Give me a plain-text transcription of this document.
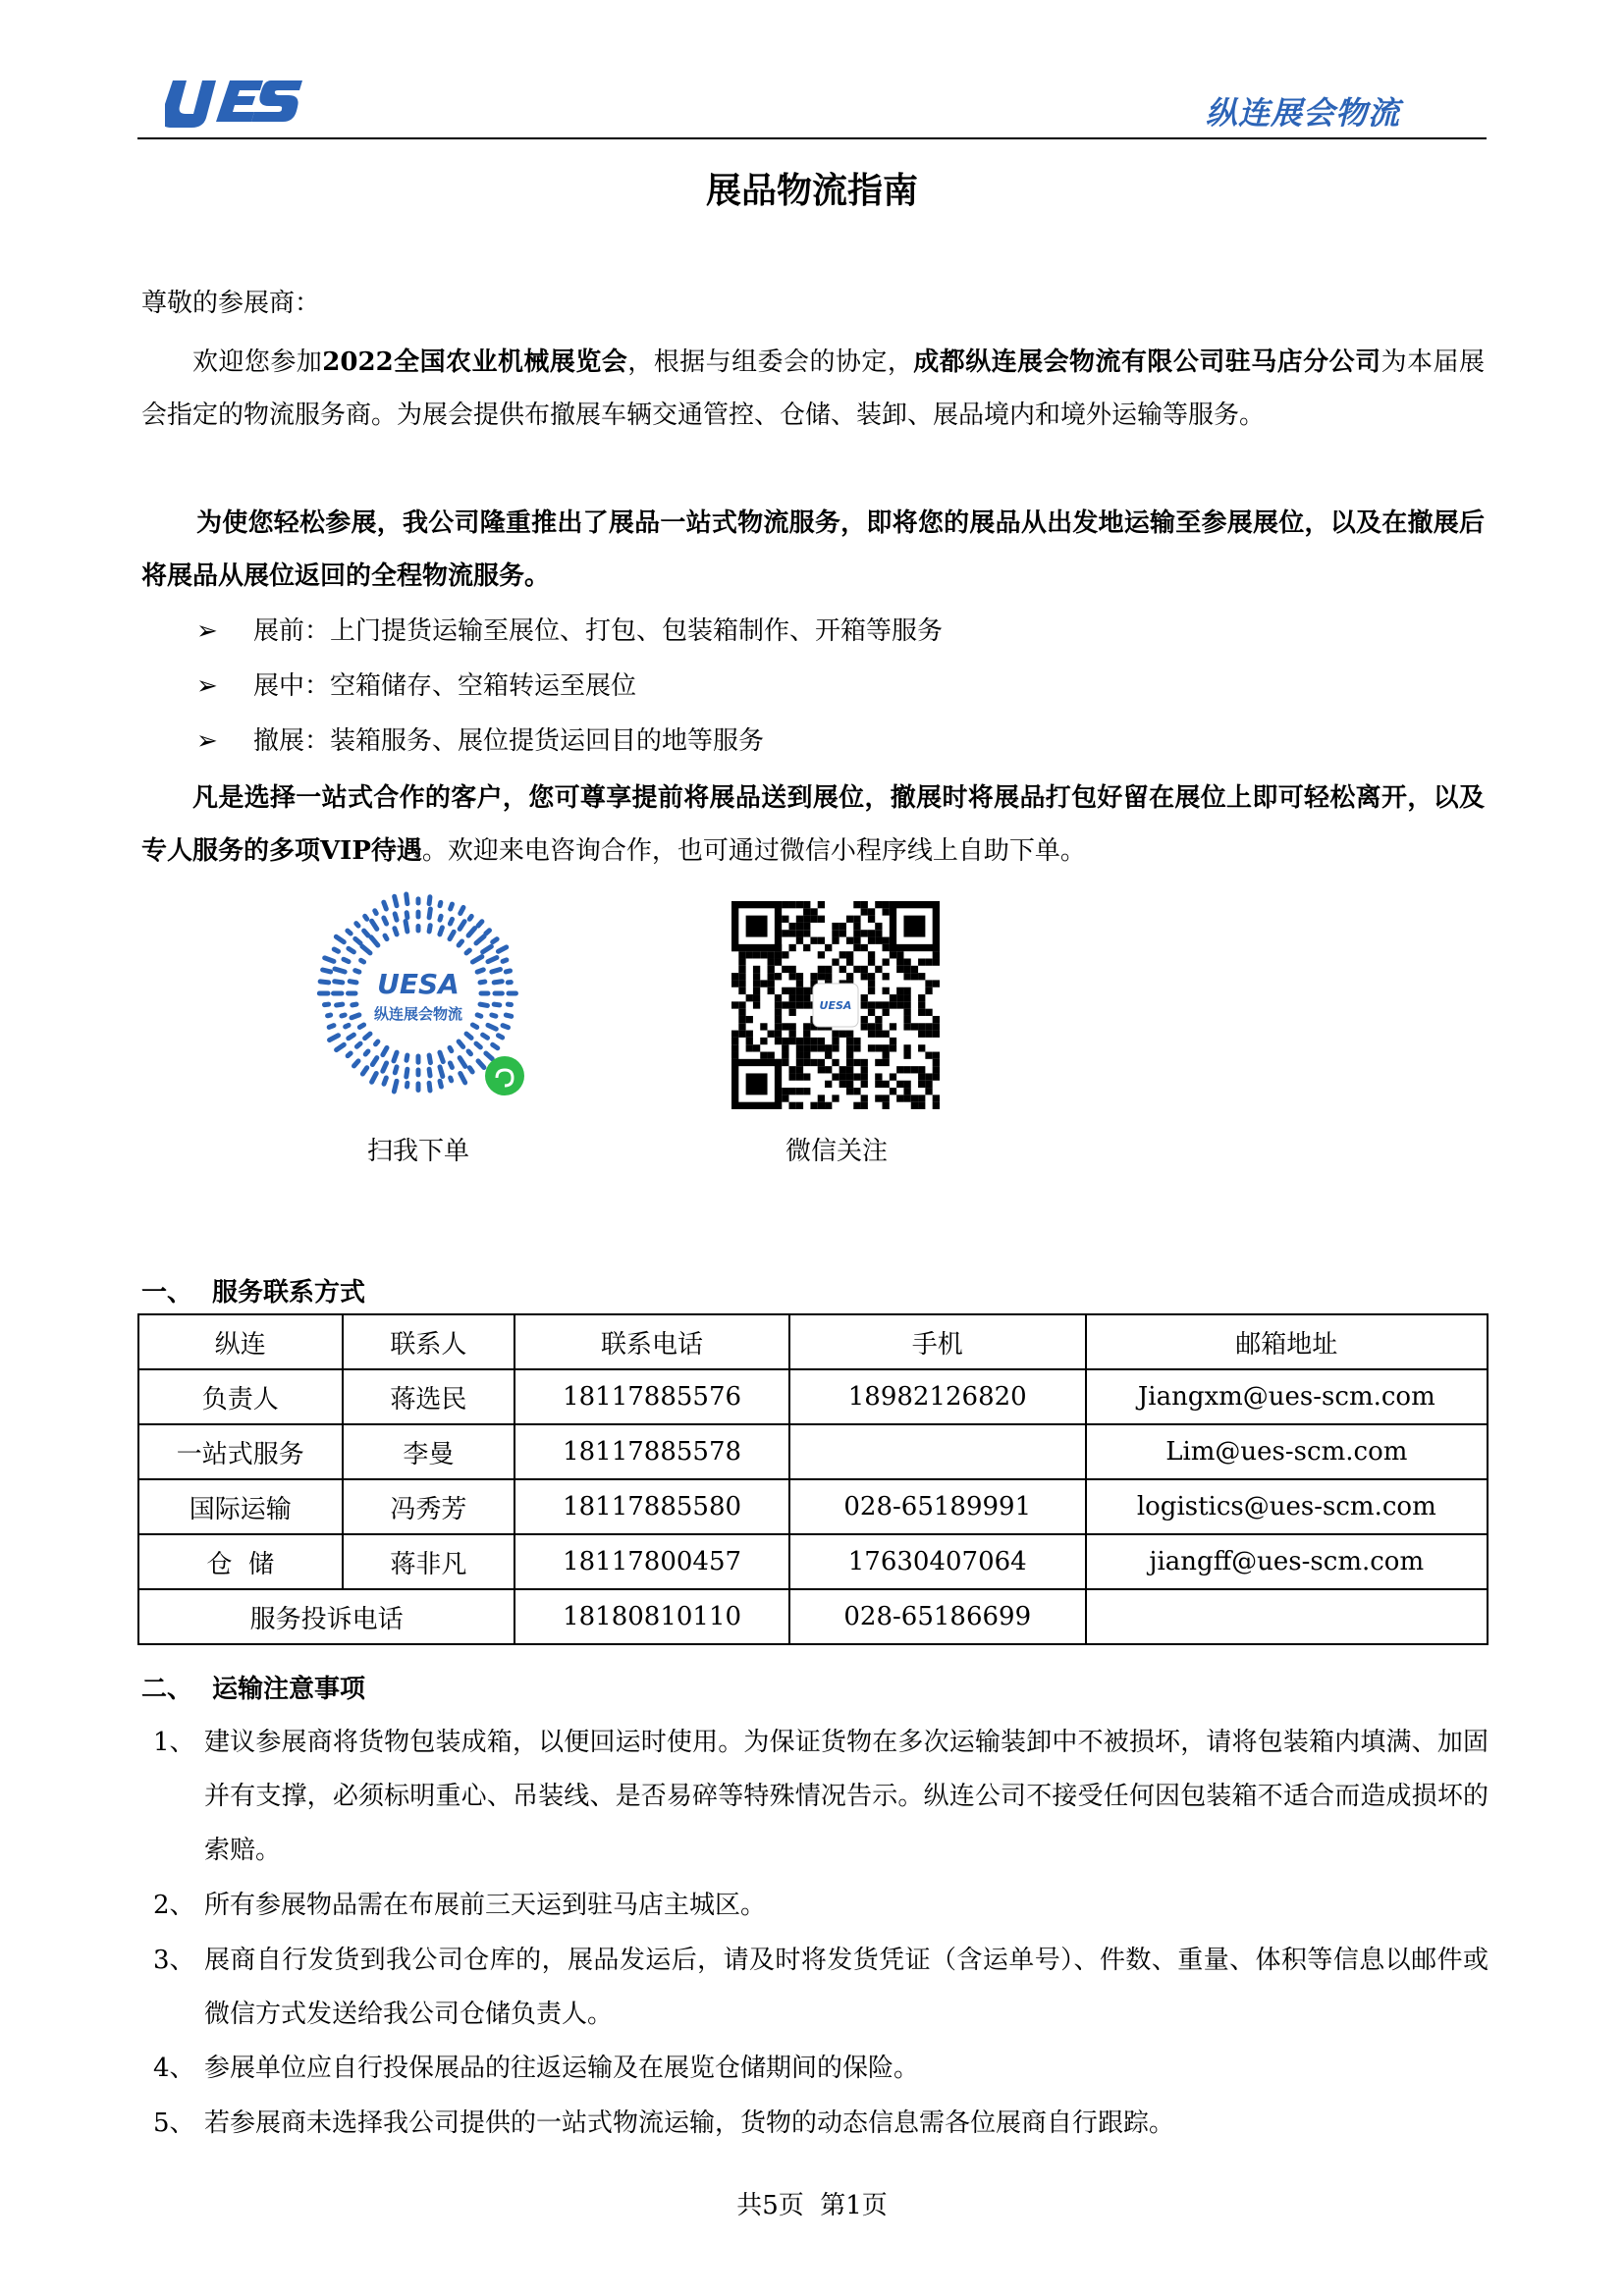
UESA
纵连展会物流
展品物流指南
尊敬的参展商：
欢迎您参加2022全国农业机械展览会，根据与组委会的协定，成都纵连展会物流有限公司驻马店分公司为本届展会指定的物流服务商。为展会提供布撤展车辆交通管控、仓储、装卸、展品境内和境外运输等服务。
为使您轻松参展，我公司隆重推出了展品一站式物流服务，即将您的展品从出发地运输至参展展位，以及在撤展后将展品从展位返回的全程物流服务。
➢ 展前：上门提货运输至展位、打包、包装箱制作、开箱等服务
➢ 展中：空箱储存、空箱转运至展位
➢ 撤展：装箱服务、展位提货运回目的地等服务
凡是选择一站式合作的客户，您可尊享提前将展品送到展位，撤展时将展品打包好留在展位上即可轻松离开，以及专人服务的多项VIP待遇。欢迎来电咨询合作，也可通过微信小程序线上自助下单。
UESA
纵连展会物流	UESA
扫我下单	微信关注
一、 服务联系方式
纵连	联系人	联系电话	手机	邮箱地址
负责人	蒋选民	18117885576	18982126820	Jiangxm@ues-scm.com
一站式服务	李曼	18117885578		Lim@ues-scm.com
国际运输	冯秀芳	18117885580	028-65189991	logistics@ues-scm.com
仓  储	蒋非凡	18117800457	17630407064	jiangff@ues-scm.com
服务投诉电话		18180810110	028-65186699	
二、 运输注意事项
1、 建议参展商将货物包装成箱，以便回运时使用。为保证货物在多次运输装卸中不被损坏，请将包装箱内填满、加固并有支撑，必须标明重心、吊装线、是否易碎等特殊情况告示。纵连公司不接受任何因包装箱不适合而造成损坏的索赔。
2、 所有参展物品需在布展前三天运到驻马店主城区。
3、 展商自行发货到我公司仓库的，展品发运后，请及时将发货凭证（含运单号）、件数、重量、体积等信息以邮件或微信方式发送给我公司仓储负责人。
4、 参展单位应自行投保展品的往返运输及在展览仓储期间的保险。
5、 若参展商未选择我公司提供的一站式物流运输，货物的动态信息需各位展商自行跟踪。
共5页  第1页
